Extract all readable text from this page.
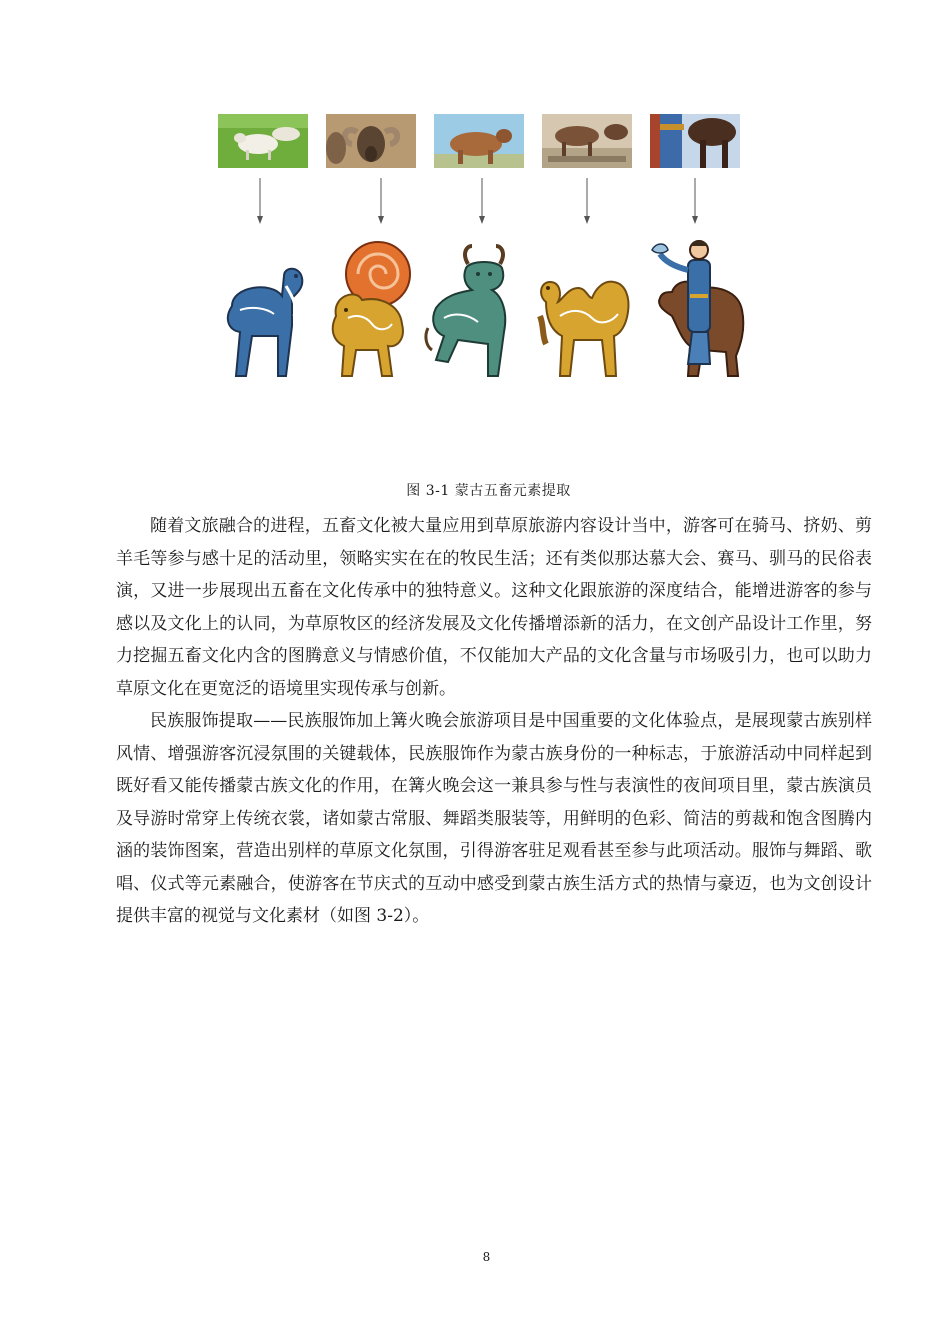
图 3-1 蒙古五畜元素提取

随着文旅融合的进程，五畜文化被大量应用到草原旅游内容设计当中，游客可在骑马、挤奶、剪羊毛等参与感十足的活动里，领略实实在在的牧民生活；还有类似那达慕大会、赛马、驯马的民俗表演，又进一步展现出五畜在文化传承中的独特意义。这种文化跟旅游的深度结合，能增进游客的参与感以及文化上的认同，为草原牧区的经济发展及文化传播增添新的活力，在文创产品设计工作里，努力挖掘五畜文化内含的图腾意义与情感价值，不仅能加大产品的文化含量与市场吸引力，也可以助力草原文化在更宽泛的语境里实现传承与创新。

民族服饰提取——民族服饰加上篝火晚会旅游项目是中国重要的文化体验点，是展现蒙古族别样风情、增强游客沉浸氛围的关键载体，民族服饰作为蒙古族身份的一种标志，于旅游活动中同样起到既好看又能传播蒙古族文化的作用，在篝火晚会这一兼具参与性与表演性的夜间项目里，蒙古族演员及导游时常穿上传统衣裳，诸如蒙古常服、舞蹈类服装等，用鲜明的色彩、简洁的剪裁和饱含图腾内涵的装饰图案，营造出别样的草原文化氛围，引得游客驻足观看甚至参与此项活动。服饰与舞蹈、歌唱、仪式等元素融合，使游客在节庆式的互动中感受到蒙古族生活方式的热情与豪迈，也为文创设计提供丰富的视觉与文化素材（如图 3-2）。

8
